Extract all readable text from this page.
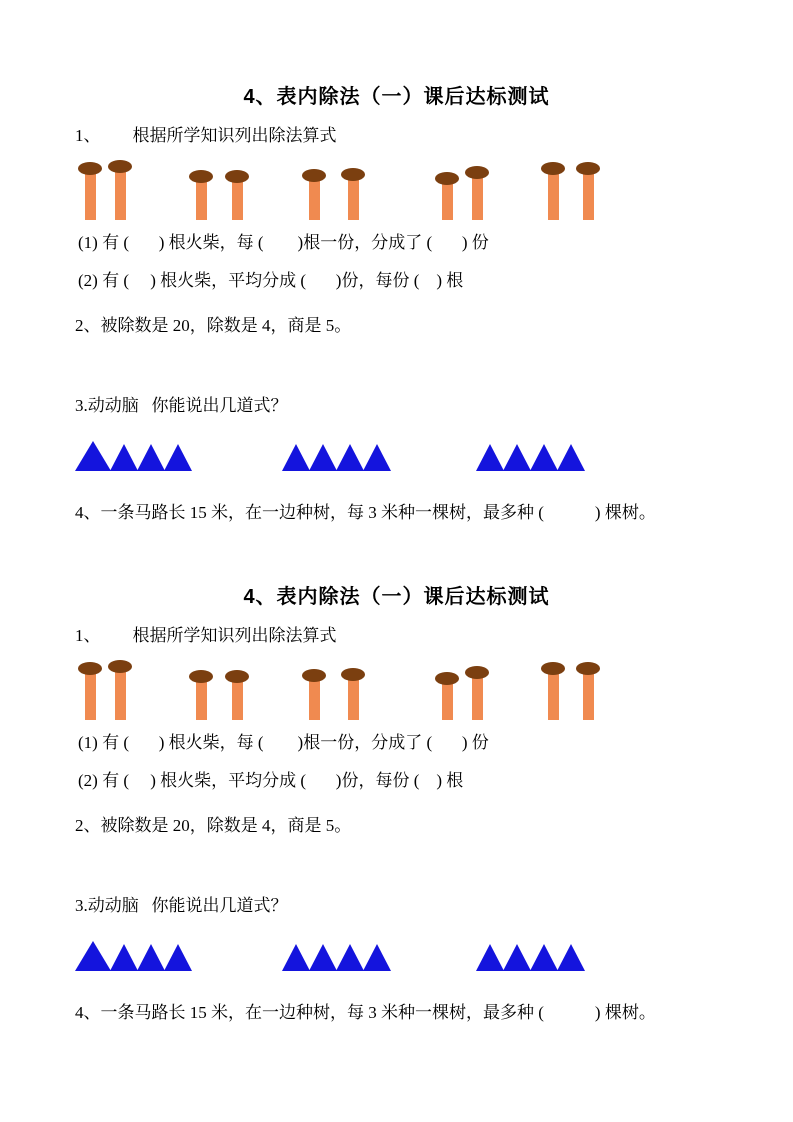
4、表内除法（一）课后达标测试
1、 根据所学知识列出除法算式
(1) 有 (       ) 根火柴，每 (        )根一份，分成了 (       ) 份
(2) 有 (     ) 根火柴，平均分成 (       )份，每份 (    ) 根
2、被除数是 20，除数是 4，商是 5。
3.动动脑   你能说出几道式？
4、一条马路长 15 米，在一边种树，每 3 米种一棵树，最多种 (            ) 棵树。
4、表内除法（一）课后达标测试
1、 根据所学知识列出除法算式
(1) 有 (       ) 根火柴，每 (        )根一份，分成了 (       ) 份
(2) 有 (     ) 根火柴，平均分成 (       )份，每份 (    ) 根
2、被除数是 20，除数是 4，商是 5。
3.动动脑   你能说出几道式？
4、一条马路长 15 米，在一边种树，每 3 米种一棵树，最多种 (            ) 棵树。
